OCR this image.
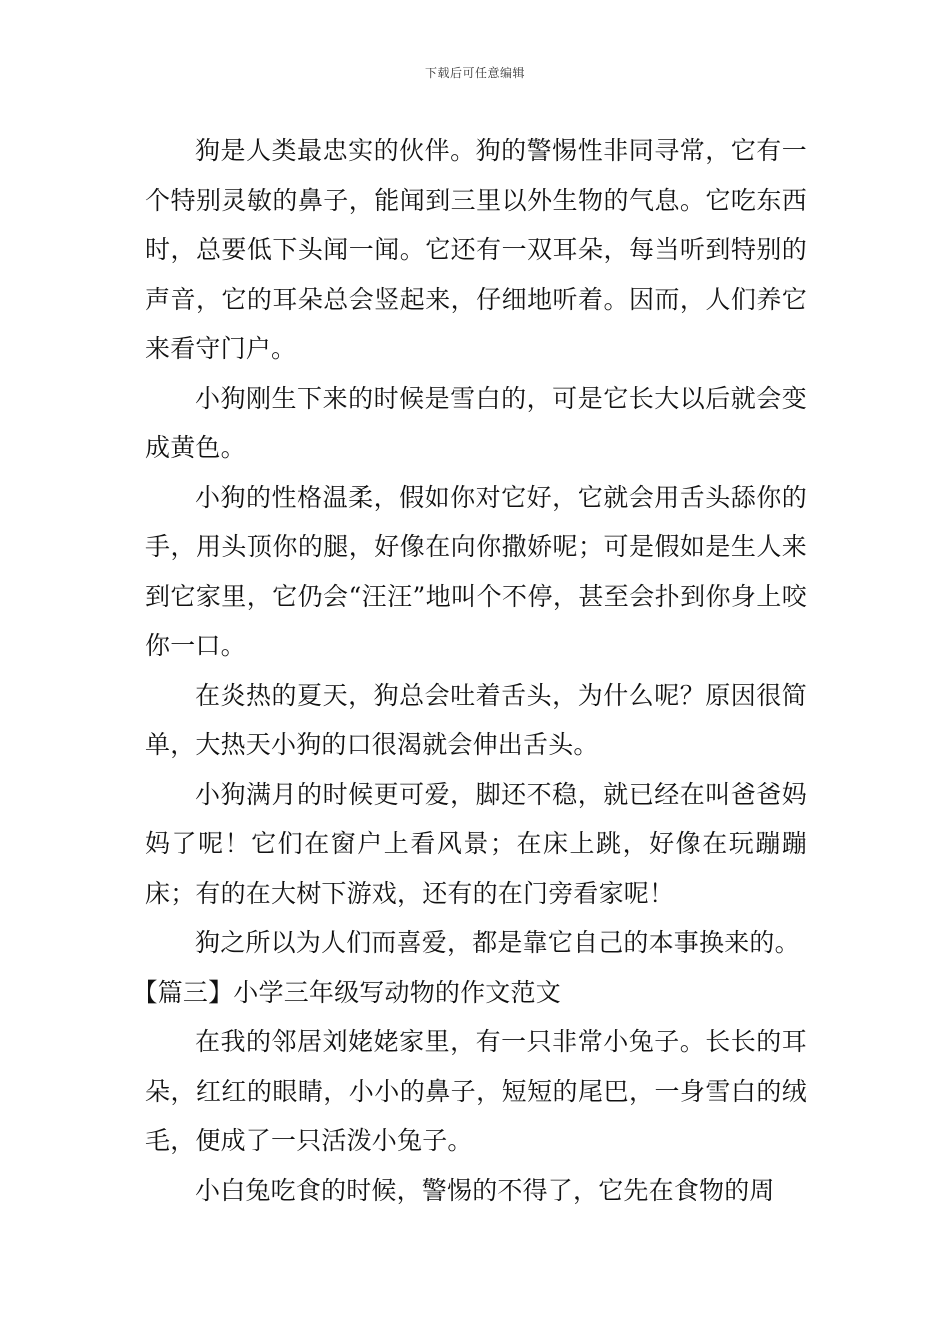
下载后可任意编辑

狗是人类最忠实的伙伴。狗的警惕性非同寻常，它有一个特别灵敏的鼻子，能闻到三里以外生物的气息。它吃东西时，总要低下头闻一闻。它还有一双耳朵，每当听到特别的声音，它的耳朵总会竖起来，仔细地听着。因而，人们养它来看守门户。

小狗刚生下来的时候是雪白的，可是它长大以后就会变成黄色。

小狗的性格温柔，假如你对它好，它就会用舌头舔你的手，用头顶你的腿，好像在向你撒娇呢；可是假如是生人来到它家里，它仍会“汪汪”地叫个不停，甚至会扑到你身上咬你一口。

在炎热的夏天，狗总会吐着舌头，为什么呢？原因很简单，大热天小狗的口很渴就会伸出舌头。

小狗满月的时候更可爱，脚还不稳，就已经在叫爸爸妈妈了呢！它们在窗户上看风景；在床上跳，好像在玩蹦蹦床；有的在大树下游戏，还有的在门旁看家呢！

狗之所以为人们而喜爱，都是靠它自己的本事换来的。

【篇三】小学三年级写动物的作文范文

在我的邻居刘姥姥家里，有一只非常小兔子。长长的耳朵，红红的眼睛，小小的鼻子，短短的尾巴，一身雪白的绒毛，便成了一只活泼小兔子。

小白兔吃食的时候，警惕的不得了，它先在食物的周
